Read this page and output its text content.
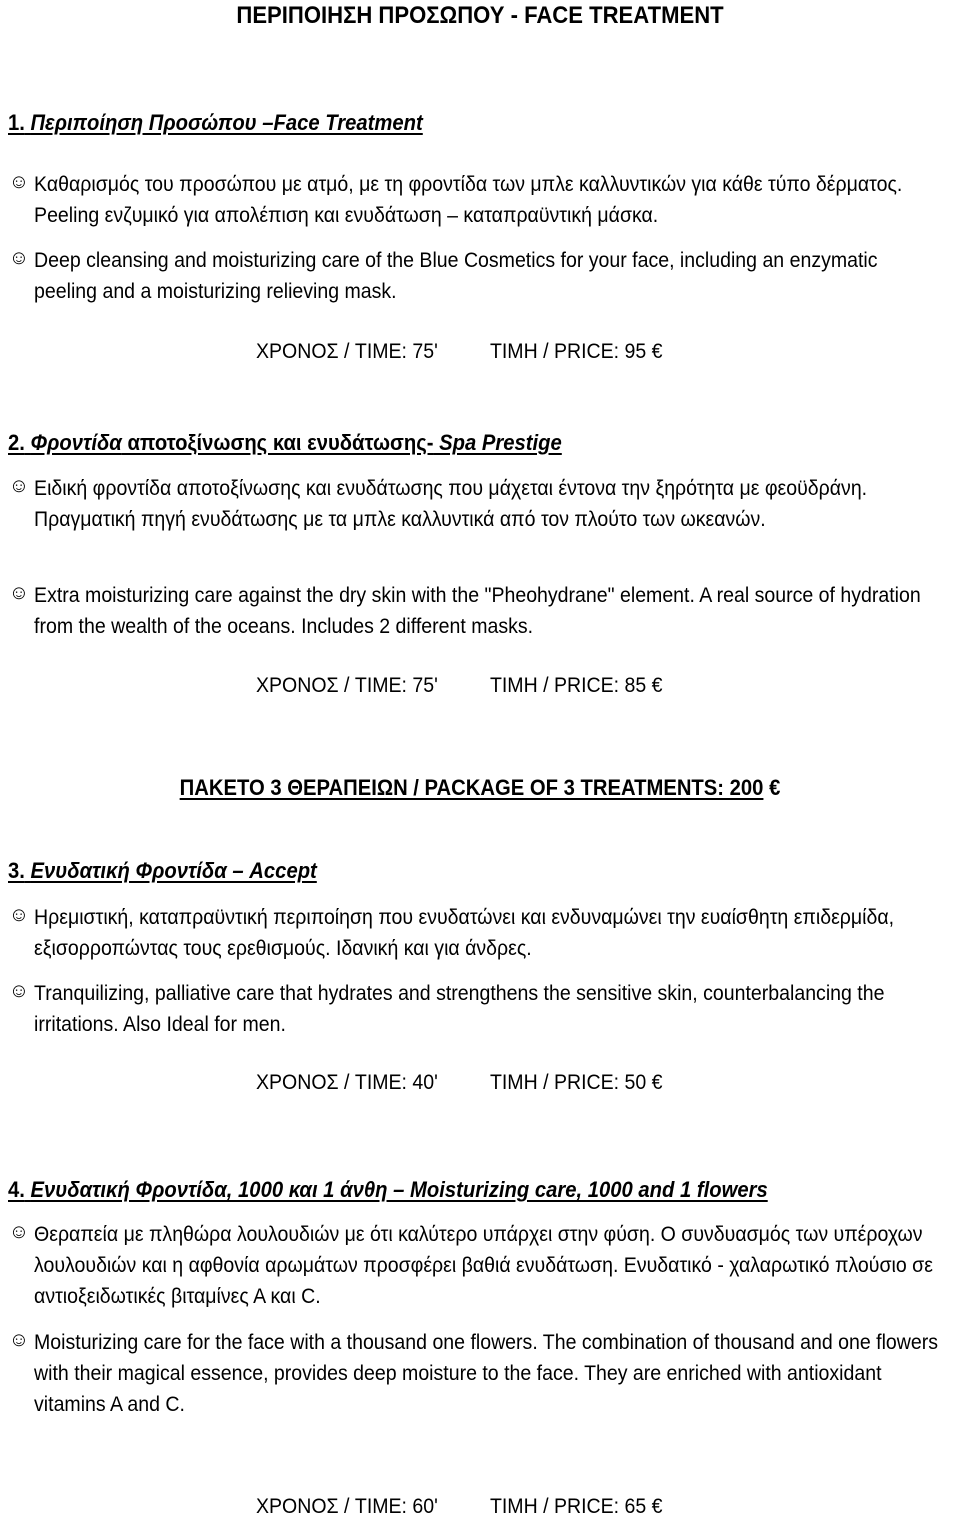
ΠΕΡΙΠΟΙΗΣΗ ΠΡΟΣΩΠΟΥ - FACE TREATMENT
1. Περιποίηση Προσώπου –Face Treatment
☺ Καθαρισμός του προσώπου με ατμό, με τη φροντίδα των μπλε καλλυντικών για κάθε τύπο δέρματος. Peeling ενζυμικό για απολέπιση και ενυδάτωση – καταπραϋντική μάσκα.
☺ Deep cleansing and moisturizing care of the Blue Cosmetics for your face, including an enzymatic peeling and a moisturizing relieving mask.
ΧΡΟΝΟΣ / TIME: 75' ΤΙΜΗ / PRICE: 95 €
2. Φροντίδα αποτοξίνωσης και ενυδάτωσης- Spa Prestige
☺ Ειδική φροντίδα αποτοξίνωσης και ενυδάτωσης που μάχεται έντονα την ξηρότητα με φεοϋδράνη. Πραγματική πηγή ενυδάτωσης με τα μπλε καλλυντικά από τον πλούτο των ωκεανών.
☺ Extra moisturizing care against the dry skin with the "Pheohydrane" element. A real source of hydration from the wealth of the oceans. Includes 2 different masks.
ΧΡΟΝΟΣ / TIME: 75' ΤΙΜΗ / PRICE: 85 €
ΠΑΚΕΤΟ 3 ΘΕΡΑΠΕΙΩΝ / PACKAGE OF 3 TREATMENTS: 200 €
3. Ενυδατική Φροντίδα – Accept
☺ Ηρεμιστική, καταπραϋντική περιποίηση που ενυδατώνει και ενδυναμώνει την ευαίσθητη επιδερμίδα, εξισορροπώντας τους ερεθισμούς. Ιδανική και για άνδρες.
☺ Tranquilizing, palliative care that hydrates and strengthens the sensitive skin, counterbalancing the irritations. Also Ideal for men.
ΧΡΟΝΟΣ / TIME: 40' ΤΙΜΗ / PRICE: 50 €
4. Ενυδατική Φροντίδα, 1000 και 1 άνθη – Moisturizing care, 1000 and 1 flowers
☺ Θεραπεία με πληθώρα λουλουδιών με ότι καλύτερο υπάρχει στην φύση. Ο συνδυασμός των υπέροχων λουλουδιών και η αφθονία αρωμάτων προσφέρει βαθιά ενυδάτωση. Ενυδατικό - χαλαρωτικό πλούσιο σε αντιοξειδωτικές βιταμίνες Α και C.
☺ Moisturizing care for the face with a thousand one flowers. The combination of thousand and one flowers with their magical essence, provides deep moisture to the face. They are enriched with antioxidant vitamins A and C.
ΧΡΟΝΟΣ / TIME: 60' ΤΙΜΗ / PRICE: 65 €
